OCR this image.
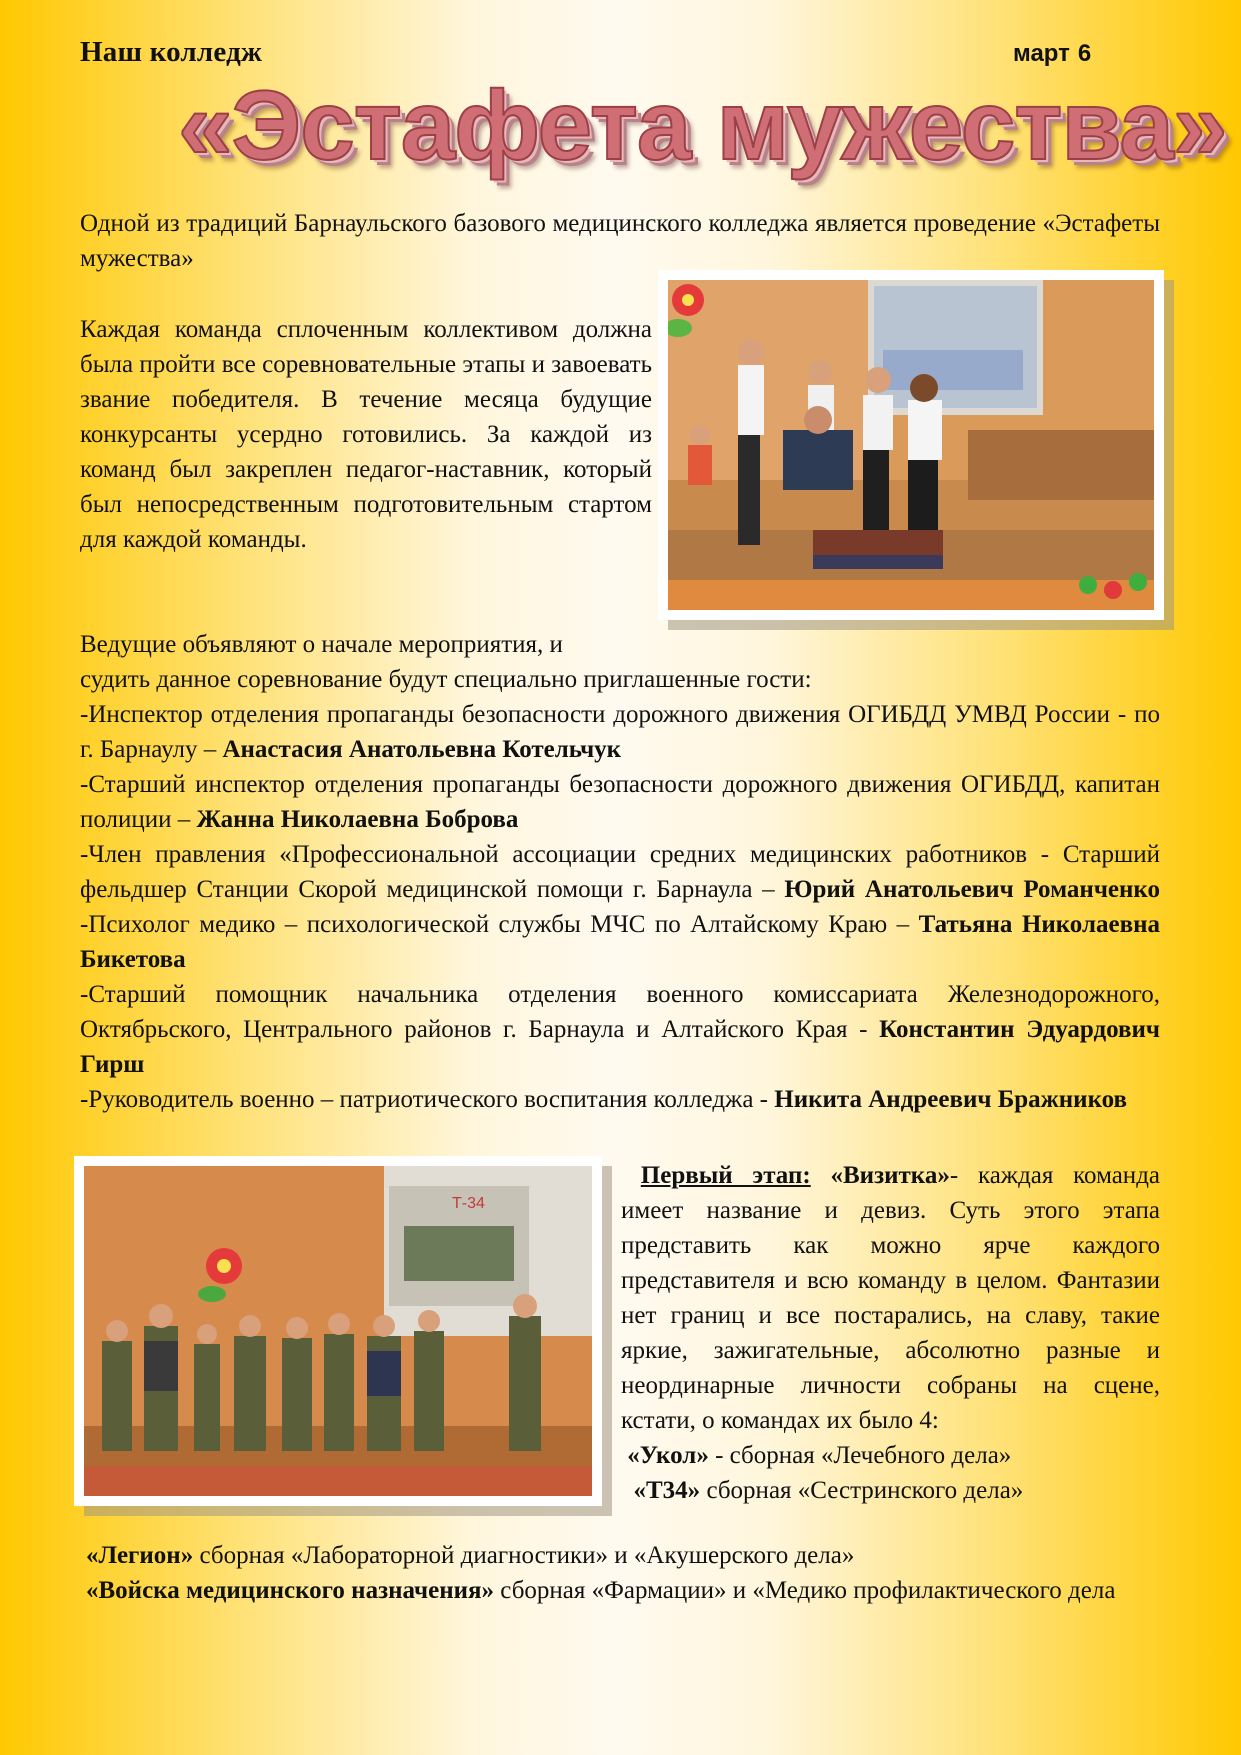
Наш колледж	март 6
«Эстафета мужества»

Одной из традиций Барнаульского базового медицинского колледжа является проведение «Эстафеты мужества»

Каждая команда сплоченным коллективом должна была пройти все соревновательные этапы и завоевать звание победителя. В течение месяца будущие конкурсанты усердно готовились. За каждой из команд был закреплен педагог-наставник, который был непосредственным подготовительным стартом для каждой команды.

Ведущие объявляют о начале мероприятия, и

судить данное соревнование будут специально приглашенные гости:

-Инспектор отделения пропаганды безопасности дорожного движения ОГИБДД УМВД России - по г. Барнаулу – Анастасия Анатольевна Котельчук

-Старший инспектор отделения пропаганды безопасности дорожного движения ОГИБДД, капитан полиции – Жанна Николаевна Боброва

-Член правления «Профессиональной ассоциации средних медицинских работников - Старший фельдшер Станции Скорой медицинской помощи г. Барнаула – Юрий Анатольевич Романченко -Психолог медико – психологической службы МЧС по Алтайскому Краю – Татьяна Николаевна Бикетова

-Старший помощник начальника отделения военного комиссариата Железнодорожного, Октябрьского, Центрального районов г. Барнаула и Алтайского Края - Константин Эдуардович Гирш

-Руководитель военно – патриотического воспитания колледжа - Никита Андреевич Бражников

Т-34

Первый этап: «Визитка»- каждая команда имеет название и девиз. Суть этого этапа представить как можно ярче каждого представителя и всю команду в целом. Фантазии нет границ и все постарались, на славу, такие яркие, зажигательные, абсолютно разные и неординарные личности собраны на сцене, кстати, о командах их было 4:

«Укол» - сборная «Лечебного дела»

«Т34» сборная «Сестринского дела»

«Легион» сборная «Лабораторной диагностики» и «Акушерского дела»

«Войска медицинского назначения» сборная «Фармации» и «Медико профилактического дела
